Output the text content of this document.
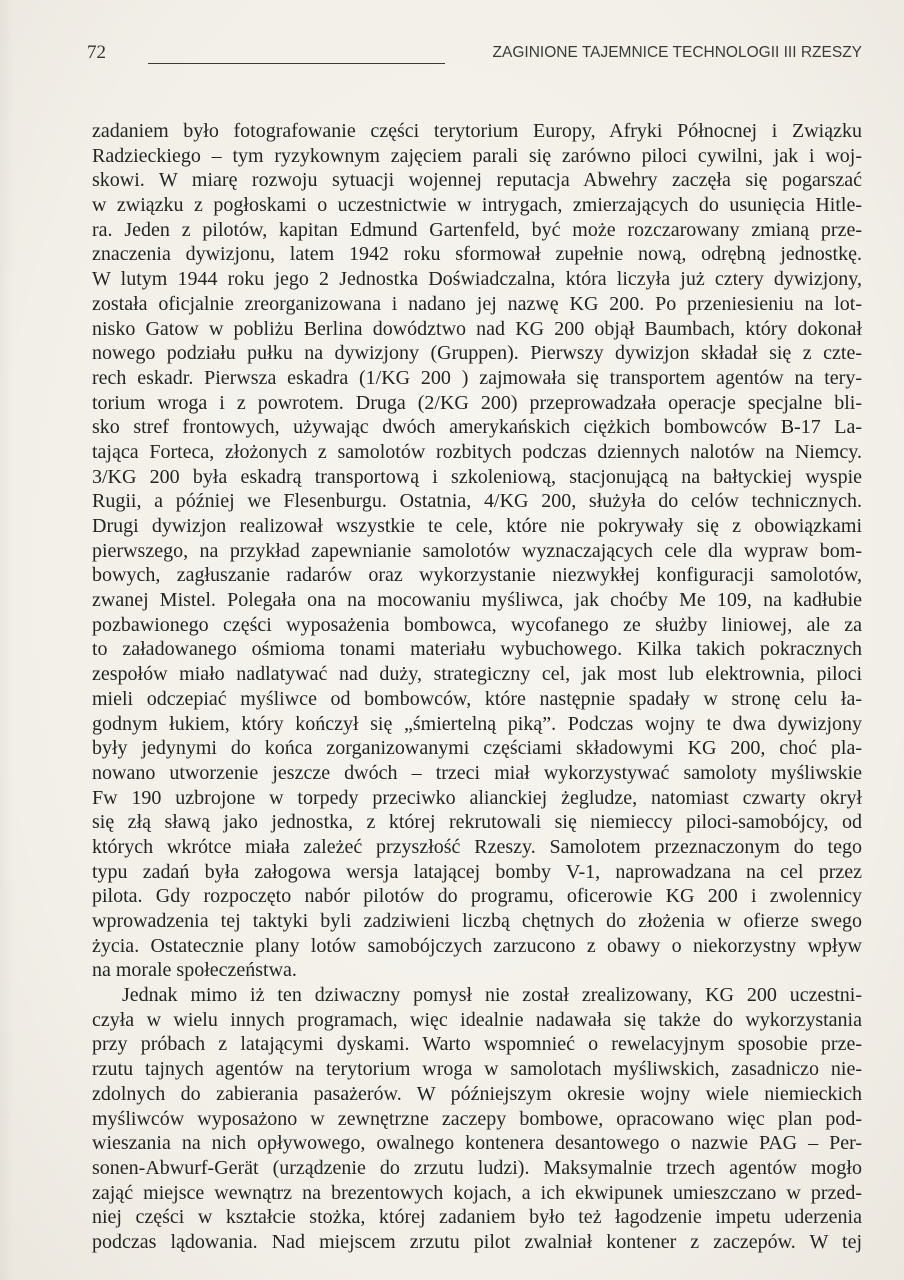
72	ZAGINIONE TAJEMNICE TECHNOLOGII III RZESZY
zadaniem było fotografowanie części terytorium Europy, Afryki Północnej i Związku
Radzieckiego – tym ryzykownym zajęciem parali się zarówno piloci cywilni, jak i woj-
skowi. W miarę rozwoju sytuacji wojennej reputacja Abwehry zaczęła się pogarszać
w związku z pogłoskami o uczestnictwie w intrygach, zmierzających do usunięcia Hitle-
ra. Jeden z pilotów, kapitan Edmund Gartenfeld, być może rozczarowany zmianą prze-
znaczenia dywizjonu, latem 1942 roku sformował zupełnie nową, odrębną jednostkę.
W lutym 1944 roku jego 2 Jednostka Doświadczalna, która liczyła już cztery dywizjony,
została oficjalnie zreorganizowana i nadano jej nazwę KG 200. Po przeniesieniu na lot-
nisko Gatow w pobliżu Berlina dowództwo nad KG 200 objął Baumbach, który dokonał
nowego podziału pułku na dywizjony (Gruppen). Pierwszy dywizjon składał się z czte-
rech eskadr. Pierwsza eskadra (1/KG 200 ) zajmowała się transportem agentów na tery-
torium wroga i z powrotem. Druga (2/KG 200) przeprowadzała operacje specjalne bli-
sko stref frontowych, używając dwóch amerykańskich ciężkich bombowców B-17 La-
tająca Forteca, złożonych z samolotów rozbitych podczas dziennych nalotów na Niemcy.
3/KG 200 była eskadrą transportową i szkoleniową, stacjonującą na bałtyckiej wyspie
Rugii, a później we Flesenburgu. Ostatnia, 4/KG 200, służyła do celów technicznych.
Drugi dywizjon realizował wszystkie te cele, które nie pokrywały się z obowiązkami
pierwszego, na przykład zapewnianie samolotów wyznaczających cele dla wypraw bom-
bowych, zagłuszanie radarów oraz wykorzystanie niezwykłej konfiguracji samolotów,
zwanej Mistel. Polegała ona na mocowaniu myśliwca, jak choćby Me 109, na kadłubie
pozbawionego części wyposażenia bombowca, wycofanego ze służby liniowej, ale za
to załadowanego ośmioma tonami materiału wybuchowego. Kilka takich pokracznych
zespołów miało nadlatywać nad duży, strategiczny cel, jak most lub elektrownia, piloci
mieli odczepiać myśliwce od bombowców, które następnie spadały w stronę celu ła-
godnym łukiem, który kończył się „śmiertelną piką”. Podczas wojny te dwa dywizjony
były jedynymi do końca zorganizowanymi częściami składowymi KG 200, choć pla-
nowano utworzenie jeszcze dwóch – trzeci miał wykorzystywać samoloty myśliwskie
Fw 190 uzbrojone w torpedy przeciwko alianckiej żegludze, natomiast czwarty okrył
się złą sławą jako jednostka, z której rekrutowali się niemieccy piloci-samobójcy, od
których wkrótce miała zależeć przyszłość Rzeszy. Samolotem przeznaczonym do tego
typu zadań była załogowa wersja latającej bomby V-1, naprowadzana na cel przez
pilota. Gdy rozpoczęto nabór pilotów do programu, oficerowie KG 200 i zwolennicy
wprowadzenia tej taktyki byli zadziwieni liczbą chętnych do złożenia w ofierze swego
życia. Ostatecznie plany lotów samobójczych zarzucono z obawy o niekorzystny wpływ
na morale społeczeństwa.
Jednak mimo iż ten dziwaczny pomysł nie został zrealizowany, KG 200 uczestni-
czyła w wielu innych programach, więc idealnie nadawała się także do wykorzystania
przy próbach z latającymi dyskami. Warto wspomnieć o rewelacyjnym sposobie prze-
rzutu tajnych agentów na terytorium wroga w samolotach myśliwskich, zasadniczo nie-
zdolnych do zabierania pasażerów. W późniejszym okresie wojny wiele niemieckich
myśliwców wyposażono w zewnętrzne zaczepy bombowe, opracowano więc plan pod-
wieszania na nich opływowego, owalnego kontenera desantowego o nazwie PAG – Per-
sonen-Abwurf-Gerät (urządzenie do zrzutu ludzi). Maksymalnie trzech agentów mogło
zająć miejsce wewnątrz na brezentowych kojach, a ich ekwipunek umieszczano w przed-
niej części w kształcie stożka, której zadaniem było też łagodzenie impetu uderzenia
podczas lądowania. Nad miejscem zrzutu pilot zwalniał kontener z zaczepów. W tej
